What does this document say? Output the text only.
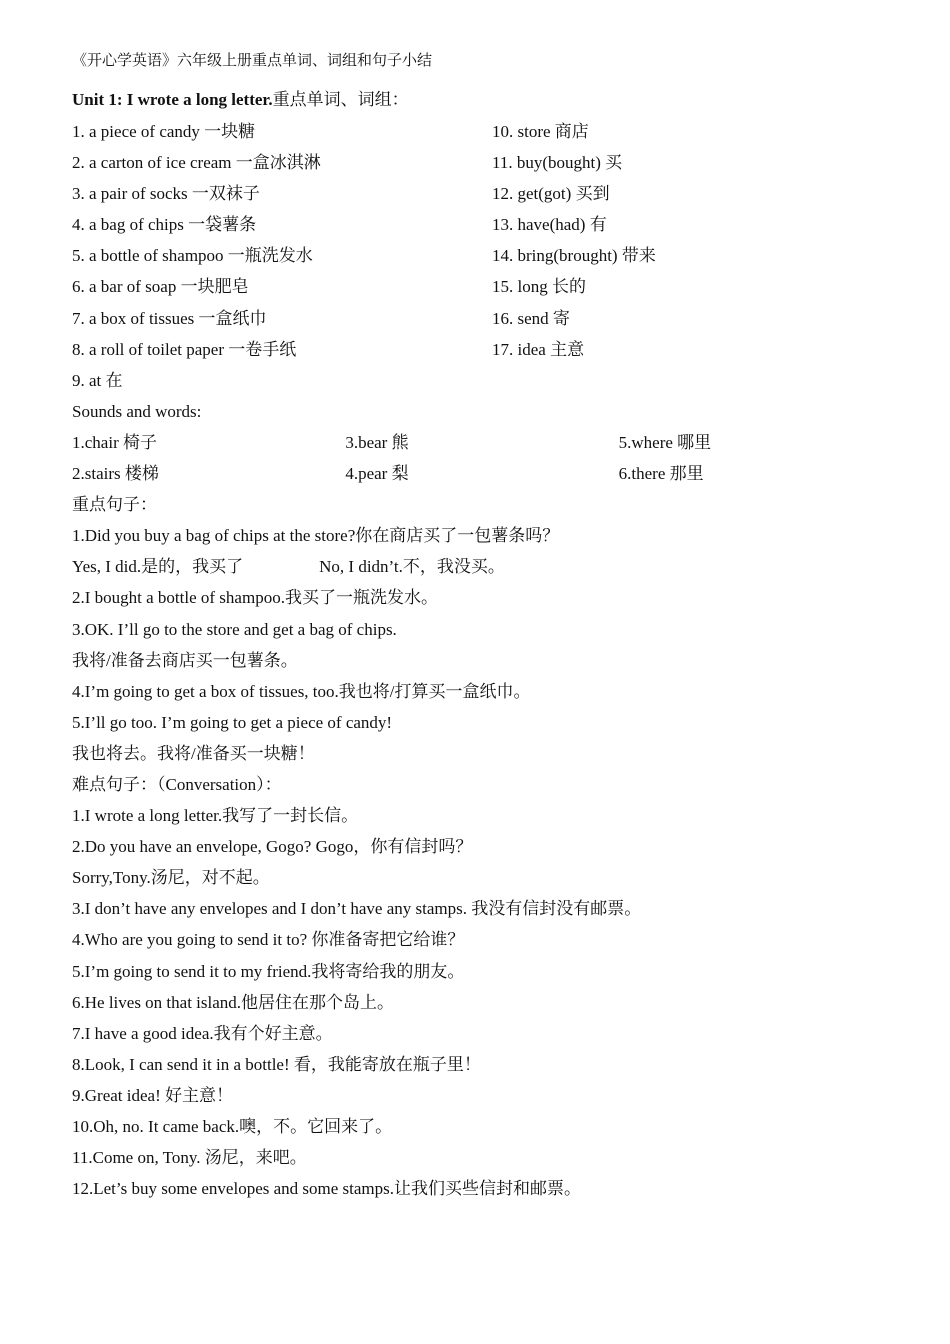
《开心学英语》六年级上册重点单词、词组和句子小结
Unit 1: I wrote a long letter.重点单词、词组：
1. a piece of candy 一块糖	10. store 商店
2. a carton of ice cream 一盒冰淇淋	11. buy(bought) 买
3. a pair of socks 一双袜子	12. get(got) 买到
4. a bag of chips 一袋薯条	13. have(had) 有
5. a bottle of shampoo 一瓶洗发水	14. bring(brought) 带来
6. a bar of soap 一块肥皂	15. long 长的
7. a box of tissues 一盒纸巾	16. send 寄
8. a roll of toilet paper 一卷手纸	17. idea 主意
9. at 在
Sounds and words:
1.chair 椅子	3.bear 熊	5.where 哪里
2.stairs 楼梯	4.pear 梨	6.there 那里
重点句子：
1.Did you buy a bag of chips at the store?你在商店买了一包薯条吗？
Yes, I did.是的，我买了	No, I didn’t.不，我没买。
2.I bought a bottle of shampoo.我买了一瓶洗发水。
3.OK. I’ll go to the store and get a bag of chips.
我将/准备去商店买一包薯条。
4.I’m going to get a box of tissues, too.我也将/打算买一盒纸巾。
5.I’ll go too. I’m going to get a piece of candy!
我也将去。我将/准备买一块糖！
难点句子：（Conversation）：
1.I wrote a long letter.我写了一封长信。
2.Do you have an envelope, Gogo? Gogo，你有信封吗？
Sorry,Tony.汤尼，对不起。
3.I don’t have any envelopes and I don’t have any stamps. 我没有信封没有邮票。
4.Who are you going to send it to? 你准备寄把它给谁？
5.I’m going to send it to my friend.我将寄给我的朋友。
6.He lives on that island.他居住在那个岛上。
7.I have a good idea.我有个好主意。
8.Look, I can send it in a bottle! 看，我能寄放在瓶子里！
9.Great idea! 好主意！
10.Oh, no. It came back.噢，不。它回来了。
11.Come on, Tony. 汤尼，来吧。
12.Let’s buy some envelopes and some stamps.让我们买些信封和邮票。
